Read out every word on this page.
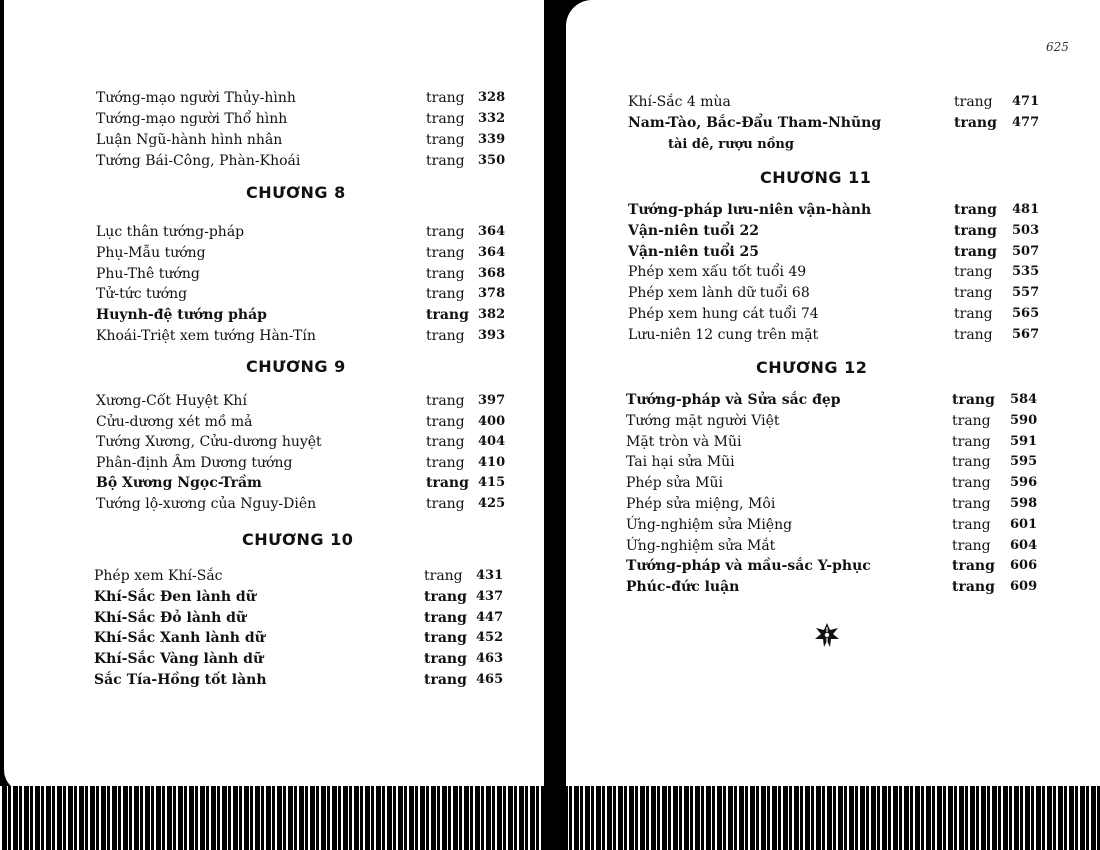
625
Tướng-mạo người Thủy-hình	trang 328
Tướng-mạo người Thổ hình	trang 332
Luận Ngũ-hành hình nhân	trang 339
Tướng Bái-Công, Phàn-Khoái	trang 350
Lục thân tướng-pháp	trang 364
Phụ-Mẫu tướng	trang 364
Phu-Thê tướng	trang 368
Tử-tức tướng	trang 378
Huynh-đệ tướng pháp	trang 382
Khoái-Triệt xem tướng Hàn-Tín	trang 393
Xương-Cốt Huyệt Khí	trang 397
Cửu-dương xét mồ mả	trang 400
Tướng Xương, Cửu-dương huyệt	trang 404
Phân-định Âm Dương tướng	trang 410
Bộ Xương Ngọc-Trầm	trang 415
Tướng lộ-xương của Nguy-Diên	trang 425
Phép xem Khí-Sắc	trang 431
Khí-Sắc Đen lành dữ	trang 437
Khí-Sắc Đỏ lành dữ	trang 447
Khí-Sắc Xanh lành dữ	trang 452
Khí-Sắc Vàng lành dữ	trang 463
Sắc Tía-Hồng tốt lành	trang 465
Khí-Sắc 4 mùa	trang 471
Nam-Tào, Bắc-Đẩu Tham-Nhũng	trang 477
Tướng-pháp lưu-niên vận-hành	trang 481
Vận-niên tuổi 22	trang 503
Vận-niên tuổi 25	trang 507
Phép xem xấu tốt tuổi 49	trang 535
Phép xem lành dữ tuổi 68	trang 557
Phép xem hung cát tuổi 74	trang 565
Lưu-niên 12 cung trên mặt	trang 567
Tướng-pháp và Sửa sắc đẹp	trang 584
Tướng mặt người Việt	trang 590
Mặt tròn và Mũi	trang 591
Tai hại sửa Mũi	trang 595
Phép sửa Mũi	trang 596
Phép sửa miệng, Môi	trang 598
Ứng-nghiệm sửa Miệng	trang 601
Ứng-nghiệm sửa Mắt	trang 604
Tướng-pháp và mầu-sắc Y-phục	trang 606
Phúc-đức luận	trang 609
CHƯƠNG 8
CHƯƠNG 9
CHƯƠNG 10
CHƯƠNG 11
CHƯƠNG 12
tài dê, rượu nồng
